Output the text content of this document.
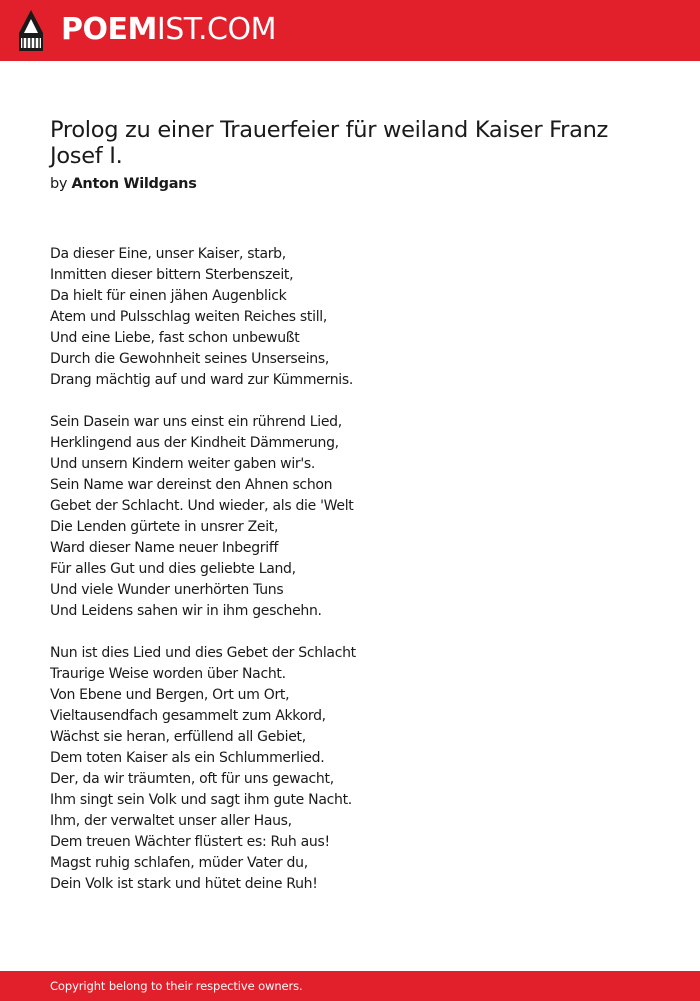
POEMIST.COM
Prolog zu einer Trauerfeier für weiland Kaiser Franz Josef I.
by Anton Wildgans
Da dieser Eine, unser Kaiser, starb,
Inmitten dieser bittern Sterbenszeit,
Da hielt für einen jähen Augenblick
Atem und Pulsschlag weiten Reiches still,
Und eine Liebe, fast schon unbewußt
Durch die Gewohnheit seines Unserseins,
Drang mächtig auf und ward zur Kümmernis.
Sein Dasein war uns einst ein rührend Lied,
Herklingend aus der Kindheit Dämmerung,
Und unsern Kindern weiter gaben wir's.
Sein Name war dereinst den Ahnen schon
Gebet der Schlacht. Und wieder, als die 'Welt
Die Lenden gürtete in unsrer Zeit,
Ward dieser Name neuer Inbegriff
Für alles Gut und dies geliebte Land,
Und viele Wunder unerhörten Tuns
Und Leidens sahen wir in ihm geschehn.
Nun ist dies Lied und dies Gebet der Schlacht
Traurige Weise worden über Nacht.
Von Ebene und Bergen, Ort um Ort,
Vieltausendfach gesammelt zum Akkord,
Wächst sie heran, erfüllend all Gebiet,
Dem toten Kaiser als ein Schlummerlied.
Der, da wir träumten, oft für uns gewacht,
Ihm singt sein Volk und sagt ihm gute Nacht.
Ihm, der verwaltet unser aller Haus,
Dem treuen Wächter flüstert es: Ruh aus!
Magst ruhig schlafen, müder Vater du,
Dein Volk ist stark und hütet deine Ruh!
Copyright belong to their respective owners.
